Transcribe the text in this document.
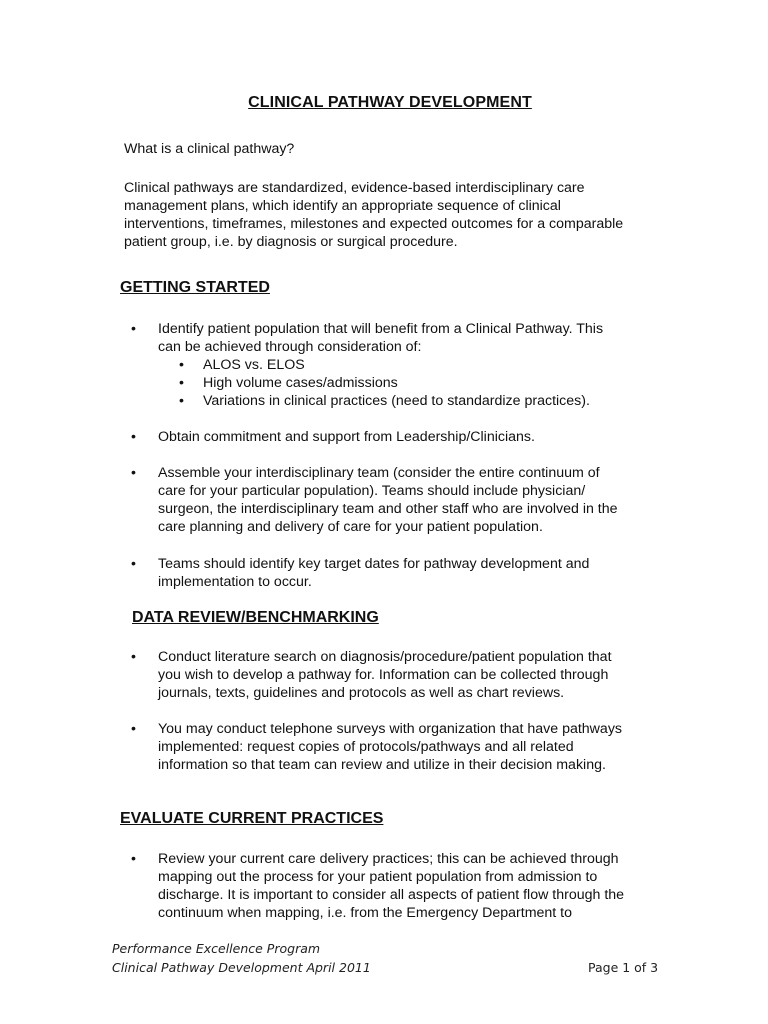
CLINICAL PATHWAY DEVELOPMENT
What is a clinical pathway?
Clinical pathways are standardized, evidence-based interdisciplinary care
management plans, which identify an appropriate sequence of clinical
interventions, timeframes, milestones and expected outcomes for a comparable
patient group, i.e. by diagnosis or surgical procedure.
GETTING STARTED
•	Identify patient population that will benefit from a Clinical Pathway. This
can be achieved through consideration of:
• ALOS vs. ELOS
• High volume cases/admissions
• Variations in clinical practices (need to standardize practices).
•	Obtain commitment and support from Leadership/Clinicians.
•	Assemble your interdisciplinary team (consider the entire continuum of
care for your particular population). Teams should include physician/
surgeon, the interdisciplinary team and other staff who are involved in the
care planning and delivery of care for your patient population.
•	Teams should identify key target dates for pathway development and
implementation to occur.
DATA REVIEW/BENCHMARKING
•	Conduct literature search on diagnosis/procedure/patient population that
you wish to develop a pathway for. Information can be collected through
journals, texts, guidelines and protocols as well as chart reviews.
•	You may conduct telephone surveys with organization that have pathways
implemented: request copies of protocols/pathways and all related
information so that team can review and utilize in their decision making.
EVALUATE CURRENT PRACTICES
•	Review your current care delivery practices; this can be achieved through
mapping out the process for your patient population from admission to
discharge. It is important to consider all aspects of patient flow through the
continuum when mapping, i.e. from the Emergency Department to
Performance Excellence Program
Clinical Pathway Development April 2011	Page 1 of 3
